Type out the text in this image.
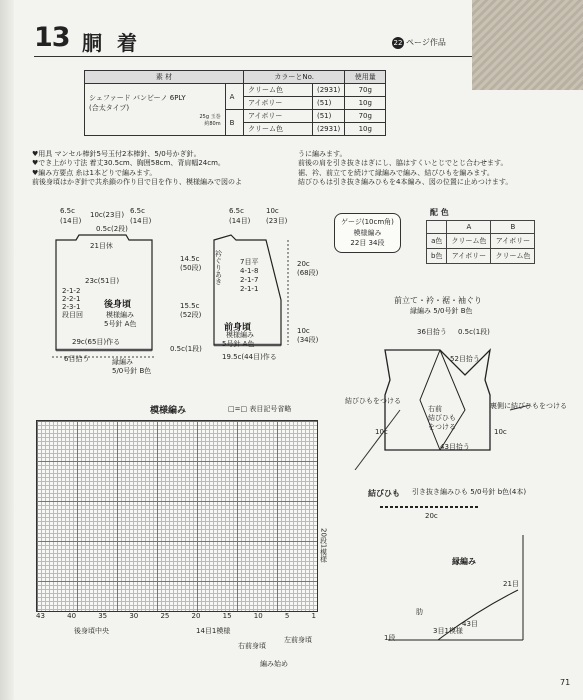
13 胴 着	22 ページ作品
素 材		カラーとNo.		使用量

シェファード バンビーノ 6PLY
(合太タイプ)
25g 玉巻
約80m	A	クリーム色	(2931)	70g
		アイボリー	(51)	10g
	B	アイボリー	(51)	70g
		クリーム色	(2931)	10g
♥用具 マンセル棒針5号玉付2本棒針、5/0号かぎ針。
♥でき上がり寸法 着丈30.5cm、胸囲58cm、背肩幅24cm。
♥編み方要点 糸は1本どりで編みます。
前後身頃はかぎ針で共糸鎖の作り目で目を作り、模様編みで図のよ
うに編みます。
前後の肩を引き抜きはぎにし、脇はすくいとじでとじ合わせます。
裾、衿、前立てを続けて縁編みで編み、結びひもを編みます。
結びひもは引き抜き編みひもを4本編み、図の位置に止めつけます。
6.5c
(14目)
10c(23目) 6.5c
(14目)
0.5c(2段)
21目休
23c(51目)
2-1-2
2-2-1
2-3-1
段目回
後身頃
模様編み
5号針 A色
29c(65目)作る
6目拾う	縁編み
5/0号針 B色
6.5c
(14目)
10c
(23目)
7目平
4-1-8
2-1-7
2-1-1
14.5c
(50段)
15.5c
(52段)
0.5c(1段)
前身頃
模様編み
5号針 A色
19.5c(44目)作る
20c
(68段)
10c
(34段)
衿ぐりあき
ゲージ(10cm角)
模様編み
22目 34段
配 色
	A	B
a色	クリーム色	アイボリー
b色	アイボリー	クリーム色
前立て・衿・裾・袖ぐり
縁編み 5/0号針 B色
36目拾う 0.5c(1段)
52目拾う
結びひもをつける
10c
右前
結びひも
をつける
43目拾う
裏側に結びひもをつける
10c
結びひも 引き抜き編みひも 5/0号針 b色(4本)
20c
縁編み
21目
43目
3目1模様
1段
肋
模様編み	□=□ 表目記号省略
20段1模様
43	40	35	30	25	20	15	10	5	1
後身頃中央	14目1模様
右前身頃
左前身頃
編み始め
71
